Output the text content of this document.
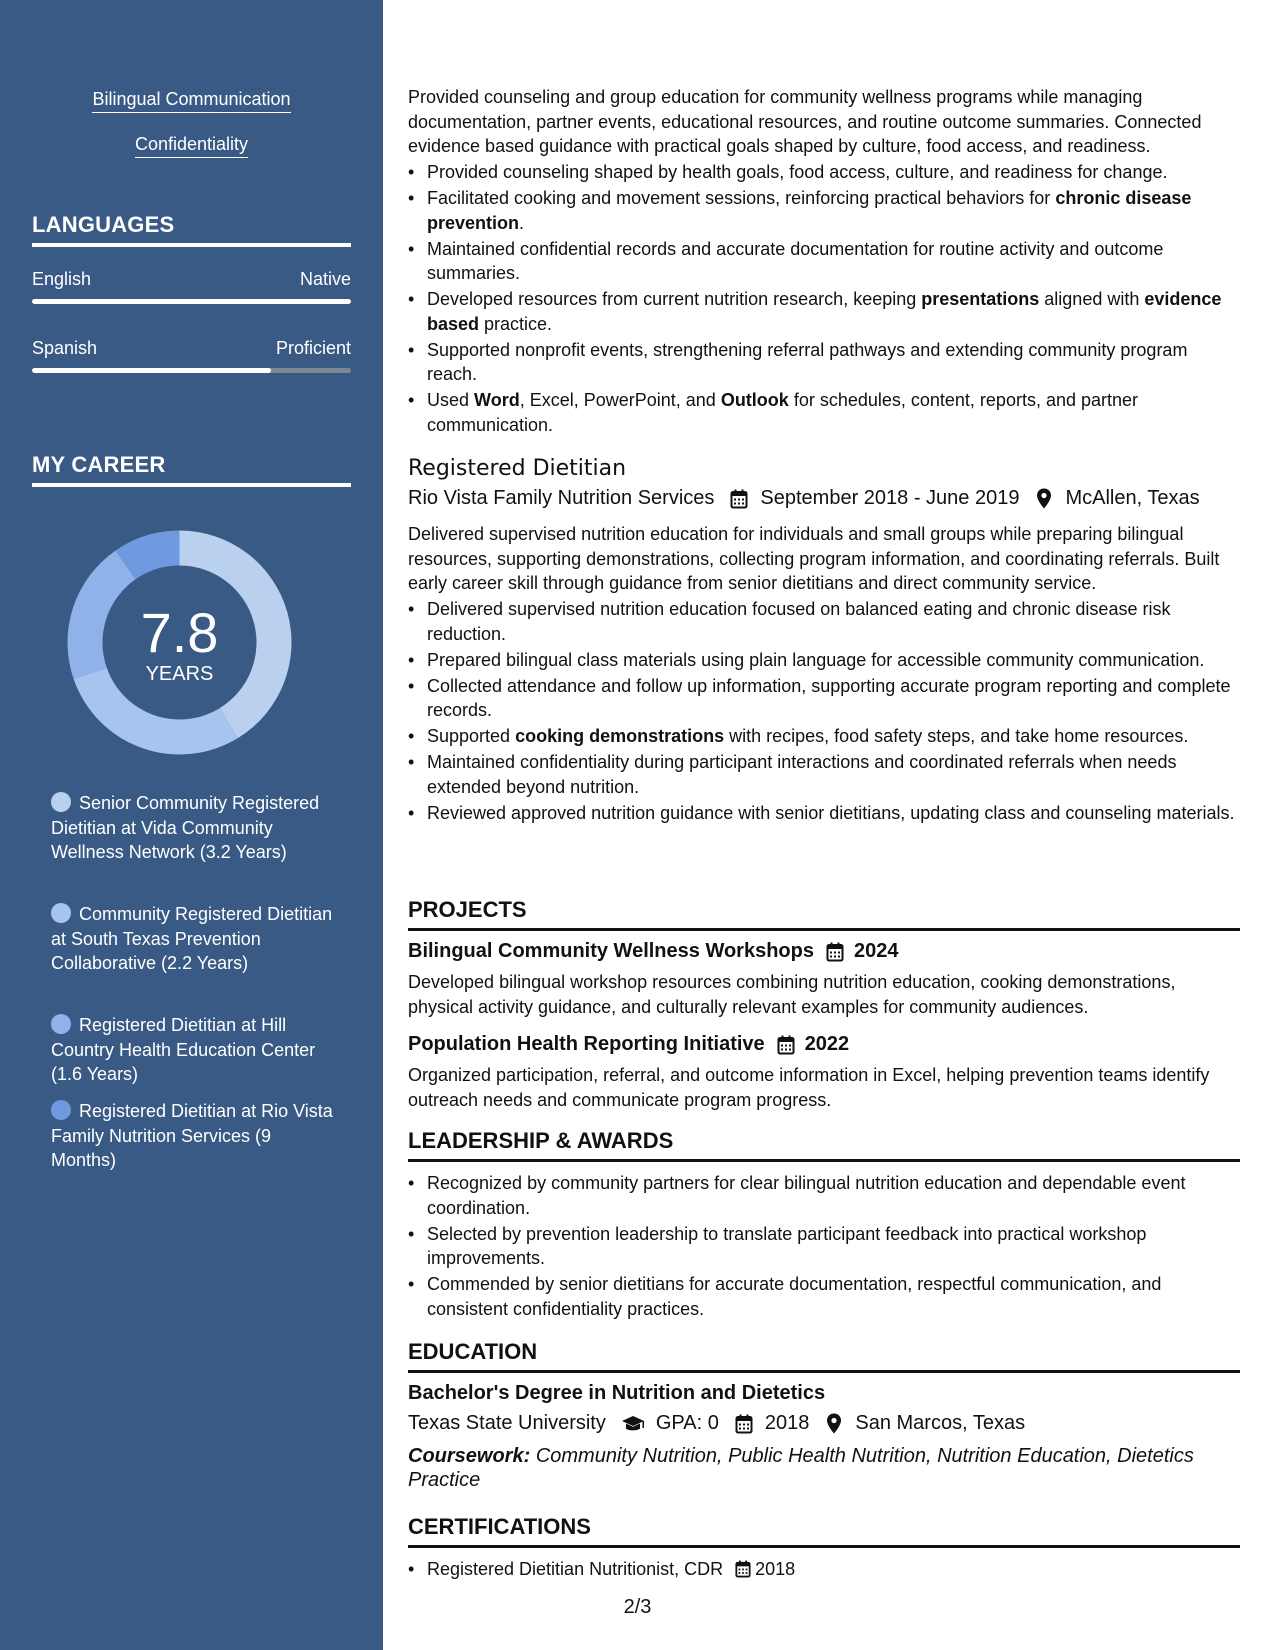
Bilingual Communication
Confidentiality
LANGUAGES
English	Native
Spanish	Proficient
MY CAREER
7.8
YEARS
Senior Community Registered Dietitian at Vida Community Wellness Network (3.2 Years)
Community Registered Dietitian at South Texas Prevention Collaborative (2.2 Years)
Registered Dietitian at Hill Country Health Education Center (1.6 Years)
Registered Dietitian at Rio Vista Family Nutrition Services (9 Months)
Provided counseling and group education for community wellness programs while managing documentation, partner events, educational resources, and routine outcome summaries. Connected evidence based guidance with practical goals shaped by culture, food access, and readiness.
• Provided counseling shaped by health goals, food access, culture, and readiness for change.
• Facilitated cooking and movement sessions, reinforcing practical behaviors for chronic disease prevention.
• Maintained confidential records and accurate documentation for routine activity and outcome summaries.
• Developed resources from current nutrition research, keeping presentations aligned with evidence based practice.
• Supported nonprofit events, strengthening referral pathways and extending community program reach.
• Used Word, Excel, PowerPoint, and Outlook for schedules, content, reports, and partner communication.
Registered Dietitian
Rio Vista Family Nutrition Services September 2018 - June 2019 McAllen, Texas
Delivered supervised nutrition education for individuals and small groups while preparing bilingual resources, supporting demonstrations, collecting program information, and coordinating referrals. Built early career skill through guidance from senior dietitians and direct community service.
• Delivered supervised nutrition education focused on balanced eating and chronic disease risk reduction.
• Prepared bilingual class materials using plain language for accessible community communication.
• Collected attendance and follow up information, supporting accurate program reporting and complete records.
• Supported cooking demonstrations with recipes, food safety steps, and take home resources.
• Maintained confidentiality during participant interactions and coordinated referrals when needs extended beyond nutrition.
• Reviewed approved nutrition guidance with senior dietitians, updating class and counseling materials.
PROJECTS
Bilingual Community Wellness Workshops 2024
Developed bilingual workshop resources combining nutrition education, cooking demonstrations, physical activity guidance, and culturally relevant examples for community audiences.
Population Health Reporting Initiative 2022
Organized participation, referral, and outcome information in Excel, helping prevention teams identify outreach needs and communicate program progress.
LEADERSHIP & AWARDS
• Recognized by community partners for clear bilingual nutrition education and dependable event coordination.
• Selected by prevention leadership to translate participant feedback into practical workshop improvements.
• Commended by senior dietitians for accurate documentation, respectful communication, and consistent confidentiality practices.
EDUCATION
Bachelor's Degree in Nutrition and Dietetics
Texas State University	GPA: 0 2018 San Marcos, Texas
Coursework: Community Nutrition, Public Health Nutrition, Nutrition Education, Dietetics Practice
CERTIFICATIONS
• Registered Dietitian Nutritionist, CDR 2018
2/3
